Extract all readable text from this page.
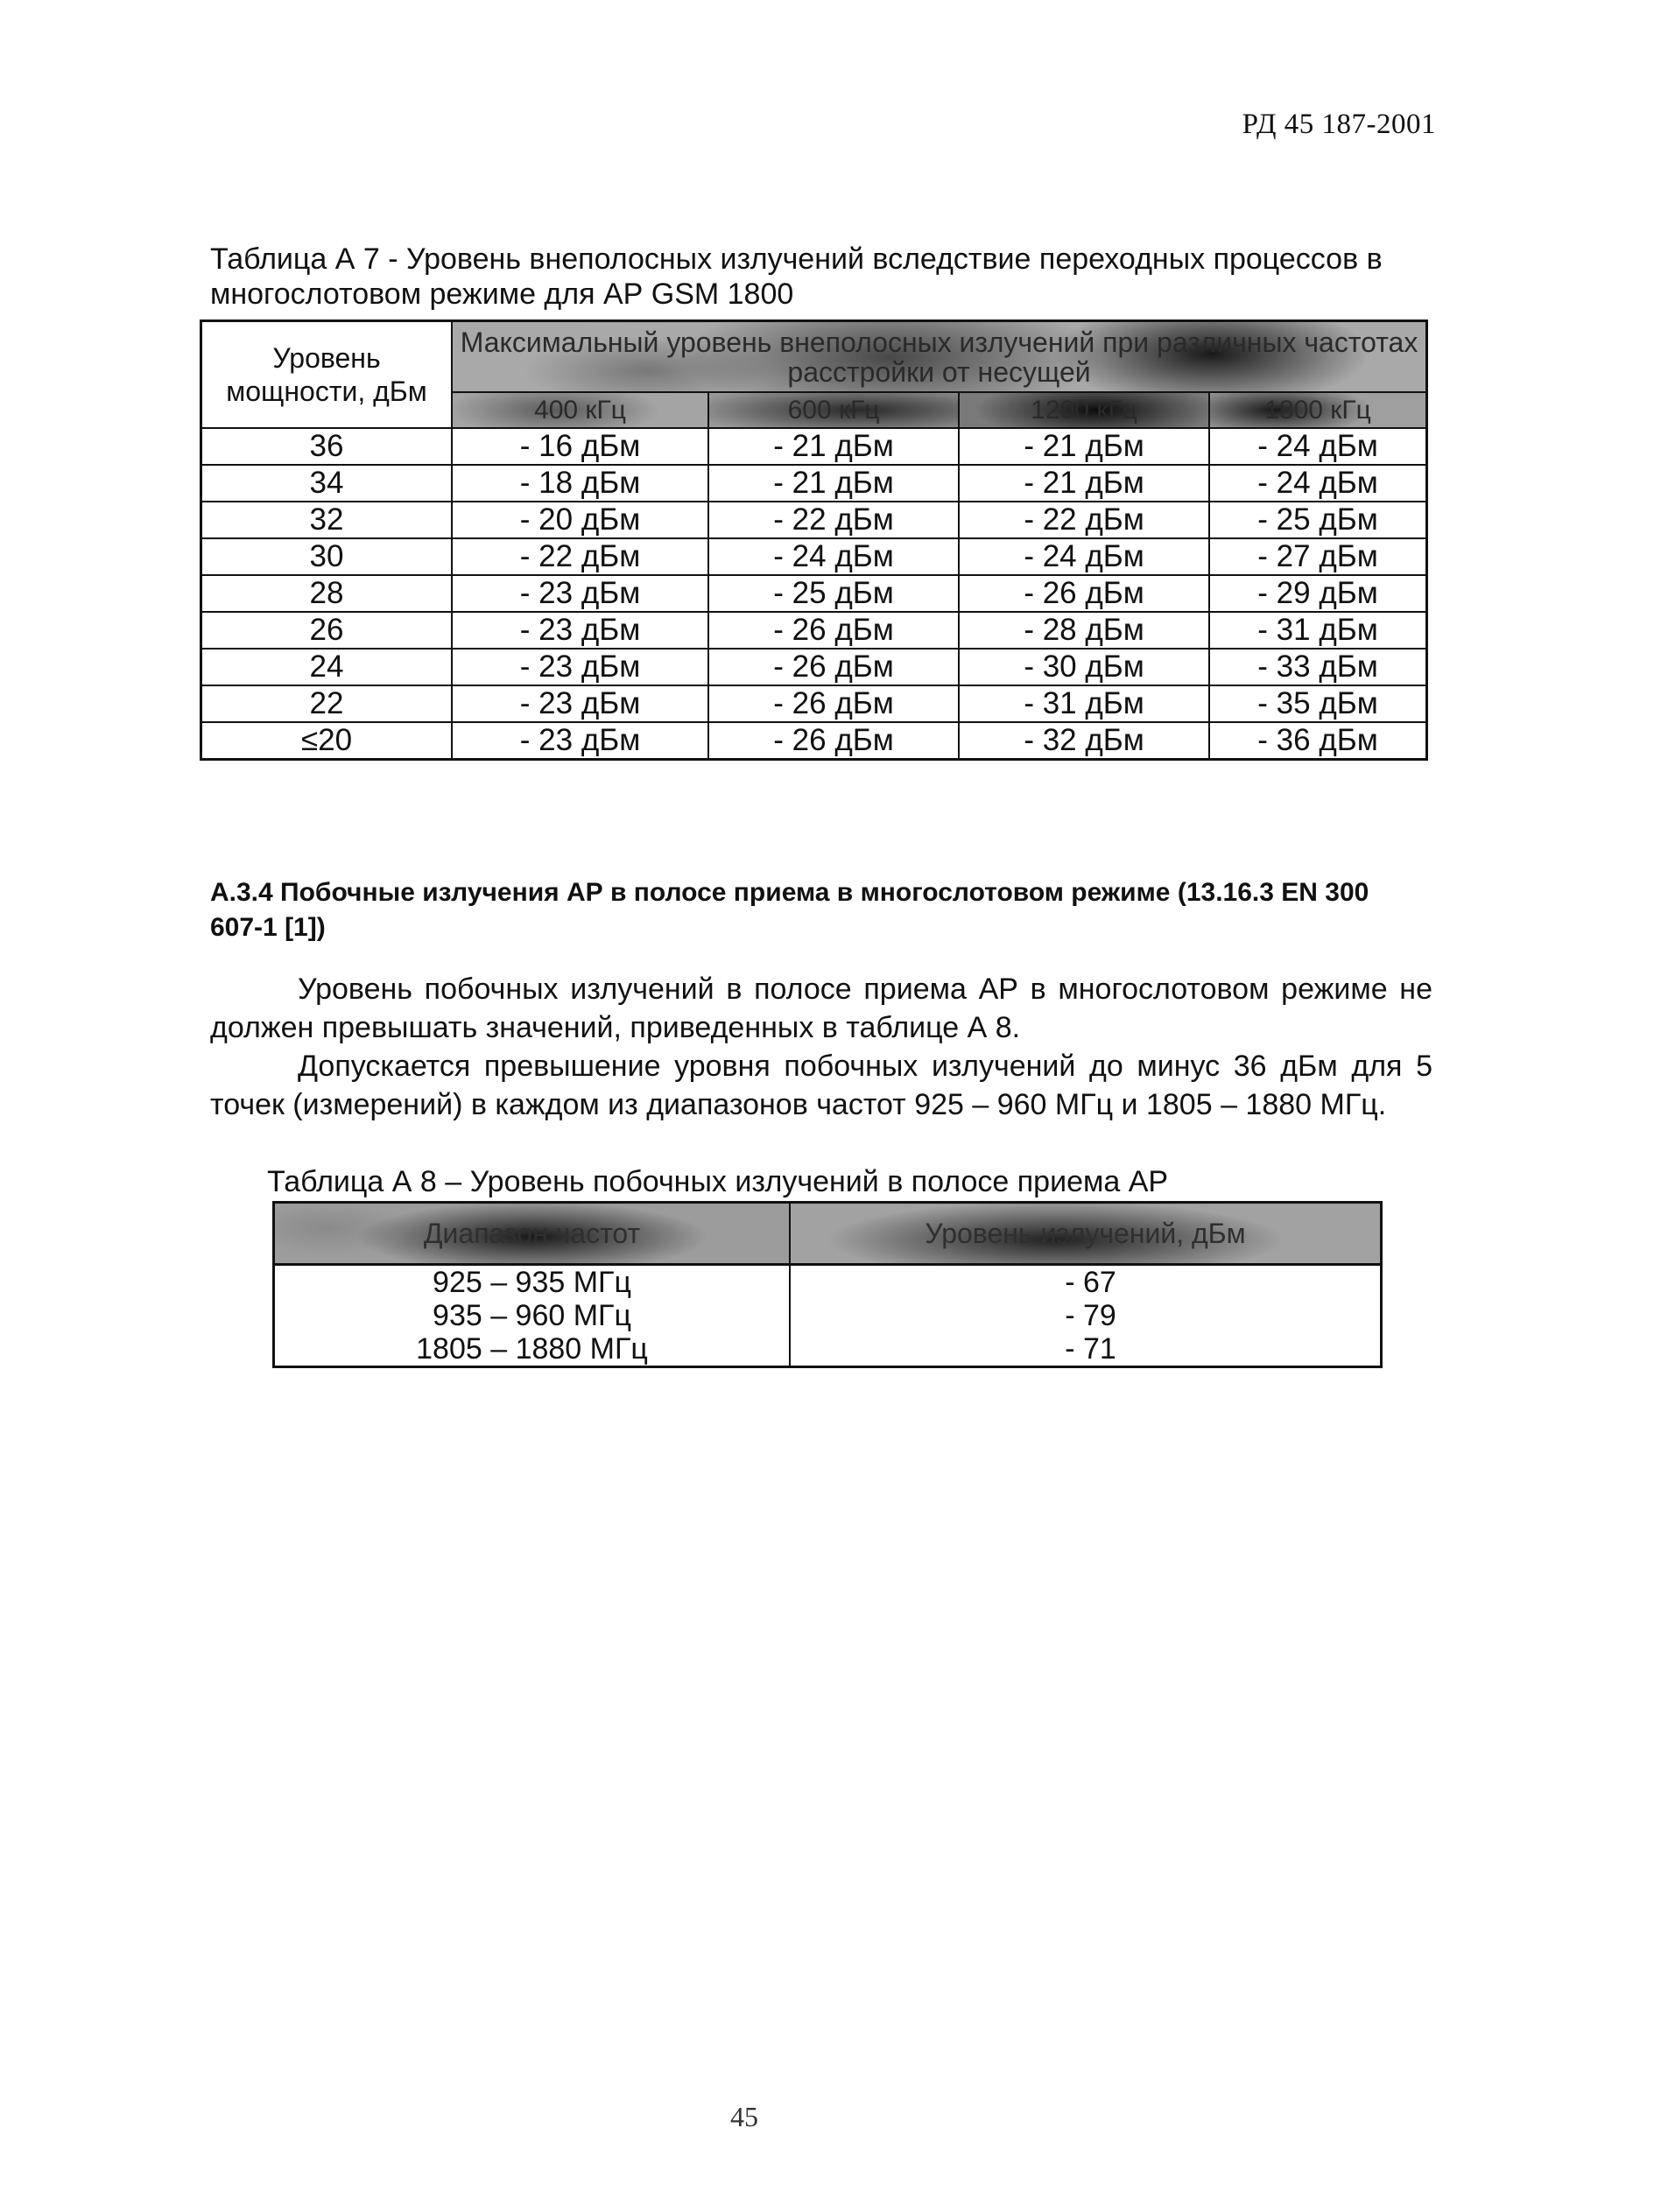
РД 45 187-2001
Таблица А 7 - Уровень внеполосных излучений вследствие переходных процессов в многослотовом режиме для АР GSM 1800
Уровень мощности, дБм	Максимальный уровень внеполосных излучений при различных частотах расстройки от несущей			
	400 кГц	600 кГц	1200 кГц	1800 кГц
36	- 16 дБм	- 21 дБм	- 21 дБм	- 24 дБм
34	- 18 дБм	- 21 дБм	- 21 дБм	- 24 дБм
32	- 20 дБм	- 22 дБм	- 22 дБм	- 25 дБм
30	- 22 дБм	- 24 дБм	- 24 дБм	- 27 дБм
28	- 23 дБм	- 25 дБм	- 26 дБм	- 29 дБм
26	- 23 дБм	- 26 дБм	- 28 дБм	- 31 дБм
24	- 23 дБм	- 26 дБм	- 30 дБм	- 33 дБм
22	- 23 дБм	- 26 дБм	- 31 дБм	- 35 дБм
≤20	- 23 дБм	- 26 дБм	- 32 дБм	- 36 дБм
А.3.4 Побочные излучения АР в полосе приема в многослотовом режиме (13.16.3 EN 300 607-1 [1])
Уровень побочных излучений в полосе приема АР в многослотовом режиме не должен превышать значений, приведенных в таблице А 8.
Допускается превышение уровня побочных излучений до минус 36 дБм для 5 точек (измерений) в каждом из диапазонов частот 925 – 960 МГц и 1805 – 1880 МГц.
Таблица А 8 – Уровень побочных излучений в полосе приема АР
Диапазон частот	Уровень излучений, дБм
925 – 935 МГц	- 67
935 – 960 МГц	- 79
1805 – 1880 МГц	- 71
45
